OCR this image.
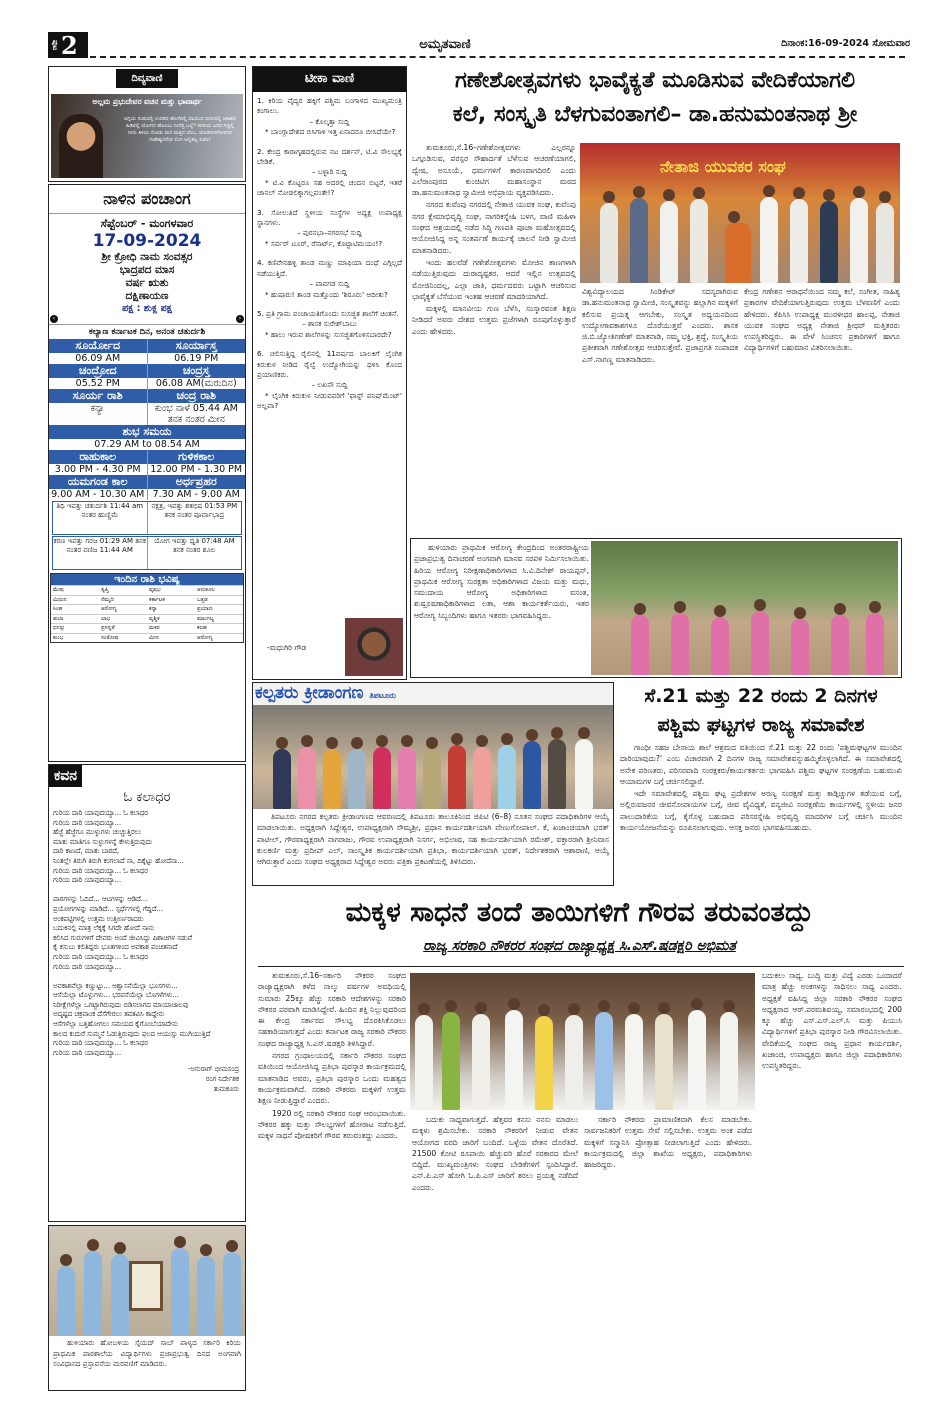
ಪುಟ 2	ಅಮೃತವಾಣಿ	ದಿನಾಂಕ:16-09-2024 ಸೋಮವಾರ
ದಿವ್ಯವಾಣಿ
ಅಲ್ಲಮ ಪ್ರಭುದೇವರ ವಚನ ಮತ್ತು ಭಾವಾರ್ಥ
ಅಗ್ನಿಯ ಸುಡುವಲ್ಲಿ ಉದಕವ ಹೊಳೆವಲ್ಲಿ ವಾಯುವ ಬೀಸುವಲ್ಲಿ ಆಕಾಶದ ಹಿಡಿವಲ್ಲಿ ಯೋಗದ ಹೊಲಬು ನೀನೆತ್ತ ಬಲ್ಲೆ? ಕದಳಿಯ ಬನದ ಗಿಡ್ಡಲ್ಲಿ ನೀನು ತಿಳಿಯ ನೋಡು ಮನ ಮತ್ತದ ಬೆಂಬ, ಜೋಡಿಸುಳಿಗೊಳಿಸದ ಗುಹೇಶ್ವರದೇವ ಲಿಂಗ ಅಲ್ಲಿತಲ್ಲ ನಿಜೊ!
ನಾಳಿನ ಪಂಚಾಂಗ
ಸೆಪ್ಟೆಂಬರ್ - ಮಂಗಳವಾರ
17-09-2024
ಶ್ರೀ ಕ್ರೋಧಿ ನಾಮ ಸಂವತ್ಸರ
ಭಾದ್ರಪದ ಮಾಸ
ವರ್ಷ ಋತು
ದಕ್ಷಿಣಾಯಣ
ಪಕ್ಷ : ಶುಕ್ಲ ಪಕ್ಷ
‹	›
ಕಲ್ಯಾಣ ಕರ್ನಾಟಕ ದಿನ, ಅನಂತ ಚತುರ್ದಶಿ
ಸೂರ್ಯೋದ	ಸೂರ್ಯಾಸ್ತ
06.09 AM	06.19 PM
ಚಂದ್ರೋದ	ಚಂದ್ರಸ್ತ
05.52 PM	06.08 AM(ಮರುದಿನ)
ಸೂರ್ಯ ರಾಶಿ	ಚಂದ್ರ ರಾಶಿ
ಕನ್ಯಾ	ಕುಂಭ ನಾಳೆ 05.44 AM ತನಕ ನಂತರ ಮೀನ
ಶುಭ ಸಮಯ
07.29 AM to 08.54 AM
ರಾಹುಕಾಲ	ಗುಳಿಕಕಾಲ
3.00 PM - 4.30 PM	12.00 PM - 1.30 PM
ಯಮಗಂಡ ಕಾಲ	ಅರ್ಧಪ್ರಹರ
9.00 AM - 10.30 AM 7.30 AM - 9.00 AM
ತಿಥಿ ಇವತ್ತು ಚತುರ್ದಶಿ 11:44 am ನಂತರ ಹುಣ್ಣಿಮೆ
ನಕ್ಷತ್ರ, ಇವತ್ತು ಶತಭಿಷ 01:53 PM ತನಕ ನಂತರ ಪೂರ್ವಾಭಾದ್ರ
ಕರಣ ಇವತ್ತು ಗರಜ 01:29 AM ತನಕ ನಂತರ ವಣಿಜ 11:44 AM
ಯೋಗ ಇವತ್ತು ಧೃತಿ 07:48 AM ತನಕ ನಂತರ ಶೂಲ
ಇಂದಿನ ರಾಶಿ ಭವಿಷ್ಯ
ಮೇಷ	ತೃಪ್ತಿ	ವೃಷಭ	ಅನುಕೂಲ
ಮಿಥುನ	ನೆಮ್ಮದಿ	ಕರ್ಕಾಟಕ	ಒತ್ತಡ
ಸಿಂಹ	ಆರೋಗ್ಯ	ಕನ್ಯಾ	ಪ್ರಯಾಣ
ತುಲಾ	ಲಾಭ	ವೃಶ್ಚಿಕ	ಮಾಂಗಲ್ಯ
ಧನಸ್ಸು	ಪ್ರಸನ್ನತೆ	ಮಕರ	ಕಲಹ
ಕುಂಭ	ಸಂತೋಷ	ಮೀನ	ಆರೋಗ್ಯ
ಕವನ
ಓ ಕಲಾಧರ
ಗುರಿಯ ದಾರಿ ಯಾವುದಯ್ಯಾ... ಓ ಕಲಾಧರ
ಗುರಿಯ ದಾರಿ ಯಾವುದಯ್ಯಾ...
ಹೆಜ್ಜೆ ಹೆಜ್ಜೆಗೂ ಮುಳ್ಳುಗಳು ಚುಚ್ಚುತ್ತಿರಲು
ಮಾತು ಮಾತಿಗೂ ಸುಳ್ಳುಗಳನ್ನೆ ಕೇಳುತ್ತಿರುವುದು
ದಾರಿ ಕಾಣದೆ, ಮಾತು ಬಾರದೆ,
ನಿಂತಲ್ಲೇ ತಿರುಗಿ ತಿರುಗಿ ಕಂಗಲಾದೆ ನಾ, ದಿಕ್ಕೆಟ್ಟು ಹೋದೆನಾ...
ಗುರಿಯ ದಾರಿ ಯಾವುದಯ್ಯಾ... ಓ ಕಲಾಧರ
ಗುರಿಯ ದಾರಿ ಯಾವುದಯ್ಯಾ...
ಪಾಠಗಳನ್ನು ಓದಿದೆ... ಆಟಗಳನ್ನು ಆಡಿದೆ...
ಪ್ರಯೋಗಗಳನ್ನು ಮಾಡಿದೆ... ಸ್ಪರ್ಧೆಗಳಲ್ಲಿ ಗೆದ್ದಿದೆ...
ಅಂಕಪಟ್ಟಿಗಳಲ್ಲಿ ಉತ್ತಮ ಉತ್ತೀರ್ಣರಾದರು
ಬದುಕಿನಲ್ಲಿ ಮಾತ್ರ ಲೆಕ್ಕಕ್ಕೆ ಸಿಗದೇ ಹೋದೆ ನಾನು
ಕಲಿಸಿದ ಗುರುಗಳಿಗೆ ದೇವರು ಅಂದೆ ಜೀವಿಸಿದ್ದು ಪಿಶಾಚಿಗಳ ನಡುವೆ
ಕೈ ಕಸುಬು ಕಲಿತಿದ್ದರು ಭೂತಗಳಿಂದ ಅವಕಾಶ ವಂಚಿತನಾದೆ
ಗುರಿಯ ದಾರಿ ಯಾವುದಯ್ಯಾ... ಓ ಕಲಾಧರ
ಗುರಿಯ ದಾರಿ ಯಾವುದಯ್ಯಾ...
ಅವಕಾಶವೆಲ್ಲಾ ಕಣ್ಣುಟ್ಟು... ಆಶ್ವಾಸನೆಯೆಲ್ಲಾ ಭೂಸಗಳು...
ಆಸೆಯೆಲ್ಲಾ ಟೊಳ್ಳುಗಳು... ಭರವಸೆಯೆಲ್ಲಾ ಬೊಗಳೆಗಳು...
ನಿರೀಕ್ಷೆಗಳೆಲ್ಲಾ ಒಗಟ್ಟಾಗಿರುವುದು ಬಿಡಿಸಲಾಗದ ಮಾಯಾಜಾಲವು
ಅದೃಷ್ಟದ ಚಕ್ರವಾಂಕ ದೆಸೆಗೇರಲು ತವತವಿಸಿ ಕಾದ್ದೇನು
ಆಸೆಗಳೆಲ್ಲಾ ಬತ್ತಿಹೋಗಲು ಸಮಯದ ಕೈಗೊಂಬೆಯಾದೇನು
ಕಾಲದ ಕುದುರೆ ಸುಮ್ಮನೆ ಓಡುತ್ತಿರುವುದು ಫಲದ ಆಯುಸ್ಸು ಮುಗಿಯುತ್ತಿದೆ
ಗುರಿಯ ದಾರಿ ಯಾವುದಯ್ಯಾ... ಓ ಕಲಾಧರ
ಗುರಿಯ ದಾರಿ ಯಾವುದಯ್ಯಾ...
-ಅನುರಾಗ್ ಭೀಮಸಂದ್ರ
ರಂಗ ನಿರ್ದೇಶಕ
ತುಮಕೂರು
ಹುಳಿಯಾರು ಹೋಬಳಿಯ ಸೈಯದ್ ಸಾಬ್ ಪಾಳ್ಯದ ಸರ್ಕಾರಿ ಕಿರಿಯ ಪ್ರಾಥಮಿಕ ಪಾಠಶಾಲೆಯ ವಿದ್ಯಾರ್ಥಿಗಳು ಪ್ರಜಾಪ್ರಭುತ್ವ ದಿನದ ಅಂಗವಾಗಿ ಸಂವಿಧಾನದ ಪ್ರಸ್ತಾವನೆಯ ಮರವಣಿಗೆ ಮಾಡಿದರು.
ಟೀಕಾ ವಾಣಿ
1. ಕಿರಿಯ ವೈದ್ಯರ ಹಕ್ಕಿಗೆ ಪಶ್ಚಿಮ ಬಂಗಾಳದ ಮುಖ್ಯಮಂತ್ರಿ ಕಂಗಾಲು.
– ಕೊಲ್ಕತ್ತಾ ಸುದ್ದಿ
* ಬಾಂಗ್ಲಾದೇಶದ ಬಿಸಿಗಾಳಿ ಇತ್ತ ಏನಾದರೂ ಬೀಸಿದೆಯೇ?
2. ಕೇಂದ್ರ ಕಾರಾಗೃಹದಲ್ಲಿರುವ ನಟ ದರ್ಶನ್, ಟಿ.ವಿ ಸೌಲಭ್ಯಕ್ಕೆ ಬೇಡಿಕೆ.
– ಬಳ್ಳಾರಿ ಸುದ್ದಿ
* ಟಿ.ವಿ ಕೊಟ್ಟರೂ ಸಹ ಅದರಲ್ಲಿ ಚಂದನ ಬಿಟ್ಟರೆ, ಇತರೆ ಚಾನಲ್ ನೋಡಲಿಕ್ಕಾಗಲ್ಲವಂತೇ!?
3. ಸೋಲುತಿದೆ ಸ್ಥಳೀಯ ಸಂಸ್ಥೆಗಳ ಅಧ್ಯಕ್ಷ ಉಪಾಧ್ಯಕ್ಷ ಸ್ಥಾನಗಳು.
– ಪುರಸಭಾ–ನಗರಸಭೆ ಸುದ್ದಿ
* ಸರ್ವರ್ ಟೂರ್, ರೆಸಾರ್ಟ್, ಕೊಟ್ಟಾಟಿಮಯಂ!?
4. ಕಣಿವೇನಹಳ್ಳಿ ತಾಂಡ ಮಣ್ಣು ಮಾಫಿಯಾ ದಂಧೆ ಎಗ್ಗಿಲ್ಲದೆ ನಡೆಯುತ್ತಿದೆ.
– ಪಾವಗಡ ಸುದ್ದಿ
* ಹುಷಾರು! ತಾಂಡ ಮತ್ತೊಂದು 'ಶಿರೂರು' ಆದೀತು?
5. ಪ್ರತಿ ಗ್ರಾಮ ಪಂಚಾಯತಿಗೊಂದು ಸುಸಜ್ಜಿತ ಶಾಲೆಗೆ ಚಿಂತನೆ.
– ಶಾಸಕ ಸುರೇಶ್‌ಬಾಬು
* ಹಾಲು ಇರುವ ಶಾಲೆಗಳನ್ನು ಸುಸಜ್ಜಿತಗೊಳಿಸಬಾರದೇ?
6. ಚಲಿಸುತ್ತಿದ್ದ ರೈಲಿನಲ್ಲಿ 11ವರ್ಷದ ಬಾಲಕಿಗೆ ಲೈಂಗಿಕ ಕಿರುಕುಳ ನೀಡಿದ ರೈಲ್ವೆ ಉದ್ಯೋಗಿಯನ್ನು ಥಳಿಸಿ ಕೊಂದ ಪ್ರಯಾಣಿಕರು.
– ಲಖನೌ ಸುದ್ದಿ
* ಲೈಂಗಿಕ ಕಿರುಕುಳ ನೀಡುವವರಿಗೆ 'ಫಾಸ್ಟ್ ಪನಿಷ್‌ಮೆಂಟ್' ಅಲ್ಲವಾ?
-ಮಧುಗಿರಿ ಗೌಡ
ಗಣೇಶೋತ್ಸವಗಳು ಭಾವೈಕ್ಯತೆ ಮೂಡಿಸುವ ವೇದಿಕೆಯಾಗಲಿ
ಕಲೆ, ಸಂಸ್ಕೃತಿ ಬೆಳಗುವಂತಾಗಲಿ– ಡಾ.ಹನುಮಂತನಾಥ ಶ್ರೀ

ತುಮಕೂರು,ಸೆ.16–ಗಣೇಶೋತ್ಸವಗಳು ಎಲ್ಲರನ್ನೂ ಒಗ್ಗೂಡಿಸುವ, ಪರಸ್ಪರ ಸೌಹಾರ್ದತೆ ಬೆಳೆಸುವ ಆಚರಣೆಯಾಗಲಿ, ದ್ವೇಷ, ಅಸೂಯೆ, ಧರ್ಮಗಳಿಗೆ ಕಾರಣವಾಗದಿರಲಿ ಎಂದು ಎಲೆರಾಂಪುರದ ಕುಂಚಿಟಿಗ ಮಹಾಸಂಸ್ಥಾನ ಮಠದ ಡಾ.ಹನುಮಂತನಾಥ ಸ್ವಾಮೀಜಿ ಅಭಿಪ್ರಾಯ ವ್ಯಕ್ತಪಡಿಸಿದರು.

ನಗರದ ಕುವೆಂಪು ನಗರದಲ್ಲಿ ನೇತಾಜಿ ಯುವಕ ಸಂಘ, ಕುವೆಂಪು ನಗರ ಕ್ಷೇಮಾಭಿವೃದ್ಧಿ ಸಂಘ, ನಾಗರಿಕಸ್ನೇಹಿ ಬಳಗ, ವಾಣಿ ಮಹಿಳಾ ಸಂಘದ ಆಶ್ರಯದಲ್ಲಿ ನಡೆದ ಸಿದ್ಧಿ ಗಣಪತಿ ಪೂಜಾ ಮಹೋತ್ಸವದಲ್ಲಿ ಆಯೋಜಿಸಿದ್ದ ಅನ್ನ ಸಂತರ್ಪಣೆ ಕಾರ್ಯಕ್ಕೆ ಚಾಲನೆ ನೀಡಿ ಸ್ವಾಮೀಜಿ ಮಾತನಾಡಿದರು.

ಇಂದು ಹಲವೆಡೆ ಗಣೇಶೋತ್ಸವಗಳು ಮೋಜಿನ ತಾಣಗಳಾಗಿ ನಡೆಯುತ್ತಿರುವುದು ದುರಾದೃಷ್ಟಕರ. ಆದರೆ ಇಲ್ಲಿನ ಉತ್ಸವದಲ್ಲಿ ಮೋಜಿನಿಂದಲ್ಲ, ಎಲ್ಲಾ ಜಾತಿ, ಧರ್ಮದವರು ಒಟ್ಟಾಗಿ ಆಚರಿಸುವ ಭಾವೈಕ್ಯತೆ ಬೆಸೆಯುವ ಇಂತಹ ಆಚರಣೆ ಮಾದರಿಯಾಗಿದೆ.

ಮಕ್ಕಳಲ್ಲಿ ಮಾನವೀಯ ಗುಣ ಬೆಳೆಸಿ, ಸಂಸ್ಕಾರವಂತ ಶಿಕ್ಷಣ ನೀಡಿದರೆ ಅವರು ದೇಶದ ಉತ್ತಮ ಪ್ರಜೆಗಳಾಗಿ ರೂಪುಗೊಳ್ಳುತ್ತಾರೆ ಎಂದು ಹೇಳಿದರು.

ನೇತಾಜಿ ಯುವಕರ ಸಂಘ
ವಿಶ್ವವಿದ್ಯಾಲಯದ ಸಿಂಡಿಕೇಟ್ ಸದಸ್ಯರಾಗಿರುವ ಡಾ.ಹನುಮಂತನಾಥ ಸ್ವಾಮೀಜಿ, ಸಂಸ್ಕೃತವನ್ನು ಹಲ್ಲಾಗಿನ ಮಕ್ಕಳಿಗೆ ಕಲಿಸುವ ಪ್ರಯತ್ನ ಆಗಬೇಕು, ಸಂಸ್ಕೃತ ಅಧ್ಯಯನದಿಂದ ಉದ್ಯೋಗಾವಕಾಶಗಳೂ ದೊರೆಯುತ್ತವೆ ಎಂದರು. ಶಾಸಕ ಜಿ.ಬಿ.ಜ್ಯೋತಿಗಣೇಶ್ ಮಾತನಾಡಿ, ನಮ್ಮ ಭಕ್ತಿ, ಶ್ರದ್ಧೆ, ಸಂಸ್ಕೃತಿಯ ಪ್ರತೀಕವಾಗಿ ಗಣೇಶೋತ್ಸವ ಆಚರಿಸುತ್ತೇವೆ. ಪ್ರಜಾಪ್ರಗತಿ ಸಂಪಾದಕ ಎಸ್.ನಾಗಣ್ಣ ಮಾತನಾಡಿದರು.
ಕೇಂದ್ರ ಗಣೇಶನ ಆರಾಧನೆಯಿಂದ ನಮ್ಮ ಕಲೆ, ಸಂಗೀತ, ಸಾಹಿತ್ಯ ಪ್ರಕಾರಗಳ ವೇದಿಕೆಯಾಗುತ್ತಿರುವುದು ಉತ್ತಮ ಬೆಳವಣಿಗೆ ಎಂದು ಹೇಳಿದರು. ಕೆಪಿಸಿಸಿ ಉಪಾಧ್ಯಕ್ಷ ಮುರಳೀಧರ ಹಾಲಪ್ಪ, ನೇತಾಜಿ ಯುವಕ ಸಂಘದ ಅಧ್ಯಕ್ಷ ನೇತಾಜಿ ಶ್ರೀಧರ್ ಮತ್ತಿತರರು ಉಪಸ್ಥಿತರಿದ್ದರು. ಈ ವೇಳೆ ಸಿಂಚನಸ ಪ್ರಕಾರಿಗಳಿಗೆ ಹಾಗೂ ವಿದ್ಯಾರ್ಥಿಗಳಿಗೆ ಬಹುಮಾನ ವಿತರಿಸಲಾಯಿತು.
ಹುಳಿಯಾರು ಪ್ರಾಥಮಿಕ ಆರೋಗ್ಯ ಕೇಂದ್ರದಿಂದ ಅಂತರರಾಷ್ಟ್ರೀಯ ಪ್ರಜಾಪ್ರಭುತ್ವ ದಿನಾಚರಣೆ ಅಂಗವಾಗಿ ಮಾನವ ಸರಪಳಿ ನಿರ್ಮಿಸಲಾಯಿತು. ಹಿರಿಯ ಆರೋಗ್ಯ ನಿರೀಕ್ಷಣಾಧಿಕಾರಿಗಳಾದ ಸಿ.ವಿ.ದಿನೇಶ್ ರಾಯಪ್ಪನ್, ಪ್ರಾಥಮಿಕ ಆರೋಗ್ಯ ಸುರಕ್ಷತಾ ಅಧಿಕಾರಿಗಳಾದ ವಿಜಯ ಮತ್ತು ಮಧು, ಸಮುದಾಯ ಆರೋಗ್ಯ ಅಧಿಕಾರಿಗಳಾದ ವಸಂತ, ಶುಷ್ರೂಷಣಾಧಿಕಾರಿಗಳಾದ ಲತಾ, ಆಶಾ ಕಾರ್ಯಕರ್ತೆಯರು, ಇತರ ಆರೋಗ್ಯ ಸಿಬ್ಬಂದಿಗಳು ಹಾಗೂ ಇತರರು ಭಾಗವಹಿಸಿದ್ದರು.
ಕಲ್ಪತರು ಕ್ರೀಡಾಂಗಣ ತಿಪಟೂರು
ತಿಪಟೂರು ನಗರದ ಕಲ್ಪತರು ಕ್ರೀಡಾಂಗಣದ ಆವರಣದಲ್ಲಿ ತಿಪಟೂರು ತಾಲೂಕಿನಿಂದ ಜಿಪಿಟಿ (6–8) ನೂತನ ಸಂಘದ ಪದಾಧಿಕಾರಿಗಳ ಆಯ್ಕೆ ಮಾಡಲಾಯಿತು. ಅಧ್ಯಕ್ಷರಾಗಿ ಸಿದ್ದೇಶ್ವರ, ಉಪಾಧ್ಯಕ್ಷರಾಗಿ ಸೌಮ್ಯಶ್ರೀ, ಪ್ರಧಾನ ಕಾರ್ಯದರ್ಶಿಯಾಗಿ ವೇಣುಗೋಪಾಲ್. ಕೆ, ಖಜಾಂಚಿಯಾಗಿ ಭರತ್ ಪಾಟೀಲ್, ಗೌರವಾಧ್ಯಕ್ಷರಾಗಿ ನಾಗರಾಜು, ಗೌರವ ಉಪಾಧ್ಯಕ್ಷರಾಗಿ ನಿಸರ್ಗ, ಅಭಿಲಾಷ, ಸಹ ಕಾರ್ಯದರ್ಶಿಯಾಗಿ ರಮೇಶ್, ವಕ್ತಾರರಾಗಿ ಶ್ರೀನಿವಾಸ ಕುಲಕರ್ಣಿ ಮತ್ತು ಪ್ರದೀಪ್ ಎಲ್, ಸಾಂಸ್ಕೃತಿಕ ಕಾರ್ಯದರ್ಶಿಯಾಗಿ ಪ್ರತಿಭಾ, ಕಾರ್ಯದರ್ಶಿಯಾಗಿ ಭರತ್, ನಿರ್ದೇಶಕರಾಗಿ ಆಶಾರಾಣಿ, ಆಯ್ಕೆ ಆಗಿರುತ್ತಾರೆ ಎಂದು ಸಂಘದ ಅಧ್ಯಕ್ಷರಾದ ಸಿದ್ದೇಶ್ವರ ಅವರು ಪತ್ರಿಕಾ ಪ್ರಕಟಣೆಯಲ್ಲಿ ತಿಳಿಸಿದರು.
ಸೆ.21 ಮತ್ತು 22 ರಂದು 2 ದಿನಗಳ ಪಶ್ಚಿಮ ಘಟ್ಟಗಳ ರಾಜ್ಯ ಸಮಾವೇಶ

ಗಾಂಧೀ ಸಹಜ ಬೇಸಾಯ ಶಾಲೆ ಆಶ್ರಮದ ವತಿಯಿಂದ ಸೆ.21 ಮತ್ತು 22 ರಂದು 'ಪಶ್ಚಿಮಘಟ್ಟಗಳ ಮುಂದಿನ ದಾರಿಯಾವುದು?' ಎಂಬ ವಿಚಾರವಾಗಿ 2 ದಿನಗಳ ರಾಜ್ಯ ಸಮಾವೇಶವನ್ನುಹಮ್ಮಿಕೊಳ್ಳಲಾಗಿದೆ. ಈ ಸಮಾವೇಶದಲ್ಲಿ ಅನೇಕ ಪರಿಣತರು, ಪರಿಸರವಾದಿ ಸಂರಕ್ಷಕರು/ಕಾರ್ಯಕರ್ತರು ಭಾಗವಹಿಸಿ ಪಶ್ಚಿಮ ಘಟ್ಟಗಳ ಸಂರಕ್ಷಣೆಯ ಬಹುಮುಖಿ ಆಯಾಮಗಳ ಬಗ್ಗೆ ಚರ್ಚಿಸಲಿದ್ದಾರೆ.

ಇದೇ ಸಮಾವೇಶದಲ್ಲಿ ಪಶ್ಚಿಮ ಘಟ್ಟ ಪ್ರದೇಶಗಳ ಅರಣ್ಯ ಸಂರಕ್ಷಣೆ ಮತ್ತು ಕಾಡ್ಗಿಚ್ಚುಗಳ ತಡೆಯುವ ಬಗ್ಗೆ, ಅಲ್ಲಿರುವಜನರ ಜೀವನೋಪಾಯಗಳ ಬಗ್ಗೆ, ಜೀವ ವೈವಿಧ್ಯತೆ, ವನ್ಯಜೀವಿ ಸಂರಕ್ಷಣೆಯ ಕಾರ್ಯಗಳಲ್ಲಿ ಸ್ಥಳೀಯ ಜನರ ಪಾಲುದಾರಿಕೆಯ ಬಗ್ಗೆ, ಕೈಗೊಳ್ಳ ಬಹುದಾದ ಪರಿಸರಸ್ನೇಹಿ ಅಭಿವೃದ್ಧಿ ಮಾದರಿಗಳ ಬಗ್ಗೆ ಚರ್ಚಿಸಿ ಮುಂದಿನ ಕಾರ್ಯಯೋಜನೆಯನ್ನು ರೂಪಿಸಲಾಗುವುದು. ಆಸಕ್ತ ಜನರು ಭಾಗವಹಿಸಬಹುದು.

ಮಕ್ಕಳ ಸಾಧನೆ ತಂದೆ ತಾಯಿಗಳಿಗೆ ಗೌರವ ತರುವಂತದ್ದು
ರಾಜ್ಯ ಸರಕಾರಿ ನೌಕರರ ಸಂಘದ ರಾಜ್ಯಾಧ್ಯಕ್ಷ ಸಿ.ಎಸ್.ಷಡಕ್ಷರಿ ಅಭಿಮತ

ತುಮಕೂರು,ಸೆ.16–ಸರ್ಕಾರಿ ನೌಕರರ ಸಂಘದ ರಾಜ್ಯಾಧ್ಯಕ್ಷರಾಗಿ ಕಳೆದ ನಾಲ್ಕು ವರ್ಷಗಳ ಅವಧಿಯಲ್ಲಿ ಸುಮಾರು 25ಕ್ಕೂ ಹೆಚ್ಚು ಸರಕಾರಿ ಆದೇಶಗಳನ್ನು ಸರಕಾರಿ ನೌಕರರ ಪರವಾಗಿ ಮಾಡಿಸಿದ್ದೇವೆ. ಹಿಂದಿನ ಶಕ್ತಿ ನಿಲ್ಲುವುದರಿಂದ ಈ ಕೇಂದ್ರ ಸರ್ಕಾರದ ಸೌಲಭ್ಯ ದೊರಕಿಸಿಕೊಡಲು ಸಹಕಾರಿಯಾಗುತ್ತದೆ ಎಂದು ಕರ್ನಾಟಕ ರಾಜ್ಯ ಸರಕಾರಿ ನೌಕರರ ಸಂಘದ ರಾಜ್ಯಾಧ್ಯಕ್ಷ ಸಿ.ಎಸ್.ಷಡಕ್ಷರಿ ತಿಳಿಸಿದ್ದಾರೆ.

ನಗರದ ಗ್ರಂಥಾಲಯದಲ್ಲಿ ಸರ್ಕಾರಿ ನೌಕರರ ಸಂಘದ ವತಿಯಿಂದ ಆಯೋಜಿಸಿದ್ದ ಪ್ರತಿಭಾ ಪುರಸ್ಕಾರ ಕಾರ್ಯಕ್ರಮದಲ್ಲಿ ಮಾತನಾಡಿದ ಅವರು, ಪ್ರತಿಭಾ ಪುರಸ್ಕಾರ ಒಂದು ಮಹತ್ವದ ಕಾರ್ಯಕ್ರಮವಾಗಿದೆ. ಸರಕಾರಿ ನೌಕರರು ಮಕ್ಕಳಿಗೆ ಉತ್ತಮ ಶಿಕ್ಷಣ ನೀಡುತ್ತಿದ್ದಾರೆ ಎಂದರು.

1920 ರಲ್ಲಿ ಸರಕಾರಿ ನೌಕರರ ಸಂಘ ಆರಂಭವಾಯಿತು. ನೌಕರರ ಹಕ್ಕು ಮತ್ತು ಸೌಲಭ್ಯಗಳಿಗೆ ಹೋರಾಟ ನಡೆಸುತ್ತಿದೆ. ಮಕ್ಕಳ ಸಾಧನೆ ಪೋಷಕರಿಗೆ ಗೌರವ ತರುವಂತದ್ದು ಎಂದರು.

ಬದುಕು ಸಾಧ್ಯವಾಗುತ್ತದೆ. ಹೆತ್ತವರ ಕನಸು ನನಸು ಮಾಡಲು ಮಕ್ಕಳು ಶ್ರಮಿಸಬೇಕು. ಸರಕಾರಿ ನೌಕರರಿಗೆ ನೀಡುವ ವೇತನ ಆಯೋಗದ ವರದಿ ಜಾರಿಗೆ ಬಂದಿದೆ. ಒಳ್ಳೆಯ ವೇತನ ದೊರೆತಿದೆ. 21500 ಕೋಟಿ ರೂಪಾಯಿ ಹೆಚ್ಚುವರಿ ಹೊರೆ ಸರಕಾರದ ಮೇಲೆ ಬಿದ್ದಿದೆ. ಮುಖ್ಯಮಂತ್ರಿಗಳು ಸಂಘದ ಬೇಡಿಕೆಗಳಿಗೆ ಸ್ಪಂದಿಸಿದ್ದಾರೆ. ಎನ್.ಪಿ.ಎಸ್ ಹೋಗಿ ಓ.ಪಿ.ಎಸ್ ಜಾರಿಗೆ ತರಲು ಪ್ರಯತ್ನ ನಡೆದಿದೆ ಎಂದರು.
ಸರ್ಕಾರಿ ನೌಕರರು ಪ್ರಾಮಾಣಿಕವಾಗಿ ಕೆಲಸ ಮಾಡಬೇಕು. ಸಾರ್ವಜನಿಕರಿಗೆ ಉತ್ತಮ ಸೇವೆ ಸಲ್ಲಿಸಬೇಕು. ಉತ್ತಮ ಅಂಕ ಪಡೆದ ಮಕ್ಕಳಿಗೆ ಸನ್ಮಾನಿಸಿ ಪ್ರೋತ್ಸಾಹ ನೀಡಲಾಗುತ್ತಿದೆ ಎಂದು ಹೇಳಿದರು. ಕಾರ್ಯಕ್ರಮದಲ್ಲಿ ಜಿಲ್ಲಾ ಶಾಖೆಯ ಅಧ್ಯಕ್ಷರು, ಪದಾಧಿಕಾರಿಗಳು ಹಾಜರಿದ್ದರು.
ಬದುಕಲು ಸಾಧ್ಯ. ಬುದ್ಧಿ ಮತ್ತು ವಿದ್ಯೆ ಎರಡು ಒಂದಾದರೆ ಮಾತ್ರ ಹೆಚ್ಚು ಅಂಕಗಳನ್ನು ಸಾಧಿಸಲು ಸಾಧ್ಯ ಎಂದರು. ಅಧ್ಯಕ್ಷತೆ ವಹಿಸಿದ್ದ ಜಿಲ್ಲಾ ಸರಕಾರಿ ನೌಕರರ ಸಂಘದ ಅಧ್ಯಕ್ಷರಾದ ಆರ್.ಪರಮಶಿವಯ್ಯ, ಸಮಾರಂಭದಲ್ಲಿ 200 ಕ್ಕೂ ಹೆಚ್ಚು ಎಸ್.ಎಸ್.ಎಲ್.ಸಿ ಮತ್ತು ಪಿಯುಸಿ ವಿದ್ಯಾರ್ಥಿಗಳಿಗೆ ಪ್ರತಿಭಾ ಪುರಸ್ಕಾರ ನೀಡಿ ಗೌರವಿಸಲಾಯಿತು. ವೇದಿಕೆಯಲ್ಲಿ ಸಂಘದ ರಾಜ್ಯ ಪ್ರಧಾನ ಕಾರ್ಯದರ್ಶಿ, ಖಜಾಂಚಿ, ಉಪಾಧ್ಯಕ್ಷರು ಹಾಗೂ ಜಿಲ್ಲಾ ಪದಾಧಿಕಾರಿಗಳು ಉಪಸ್ಥಿತರಿದ್ದರು.
